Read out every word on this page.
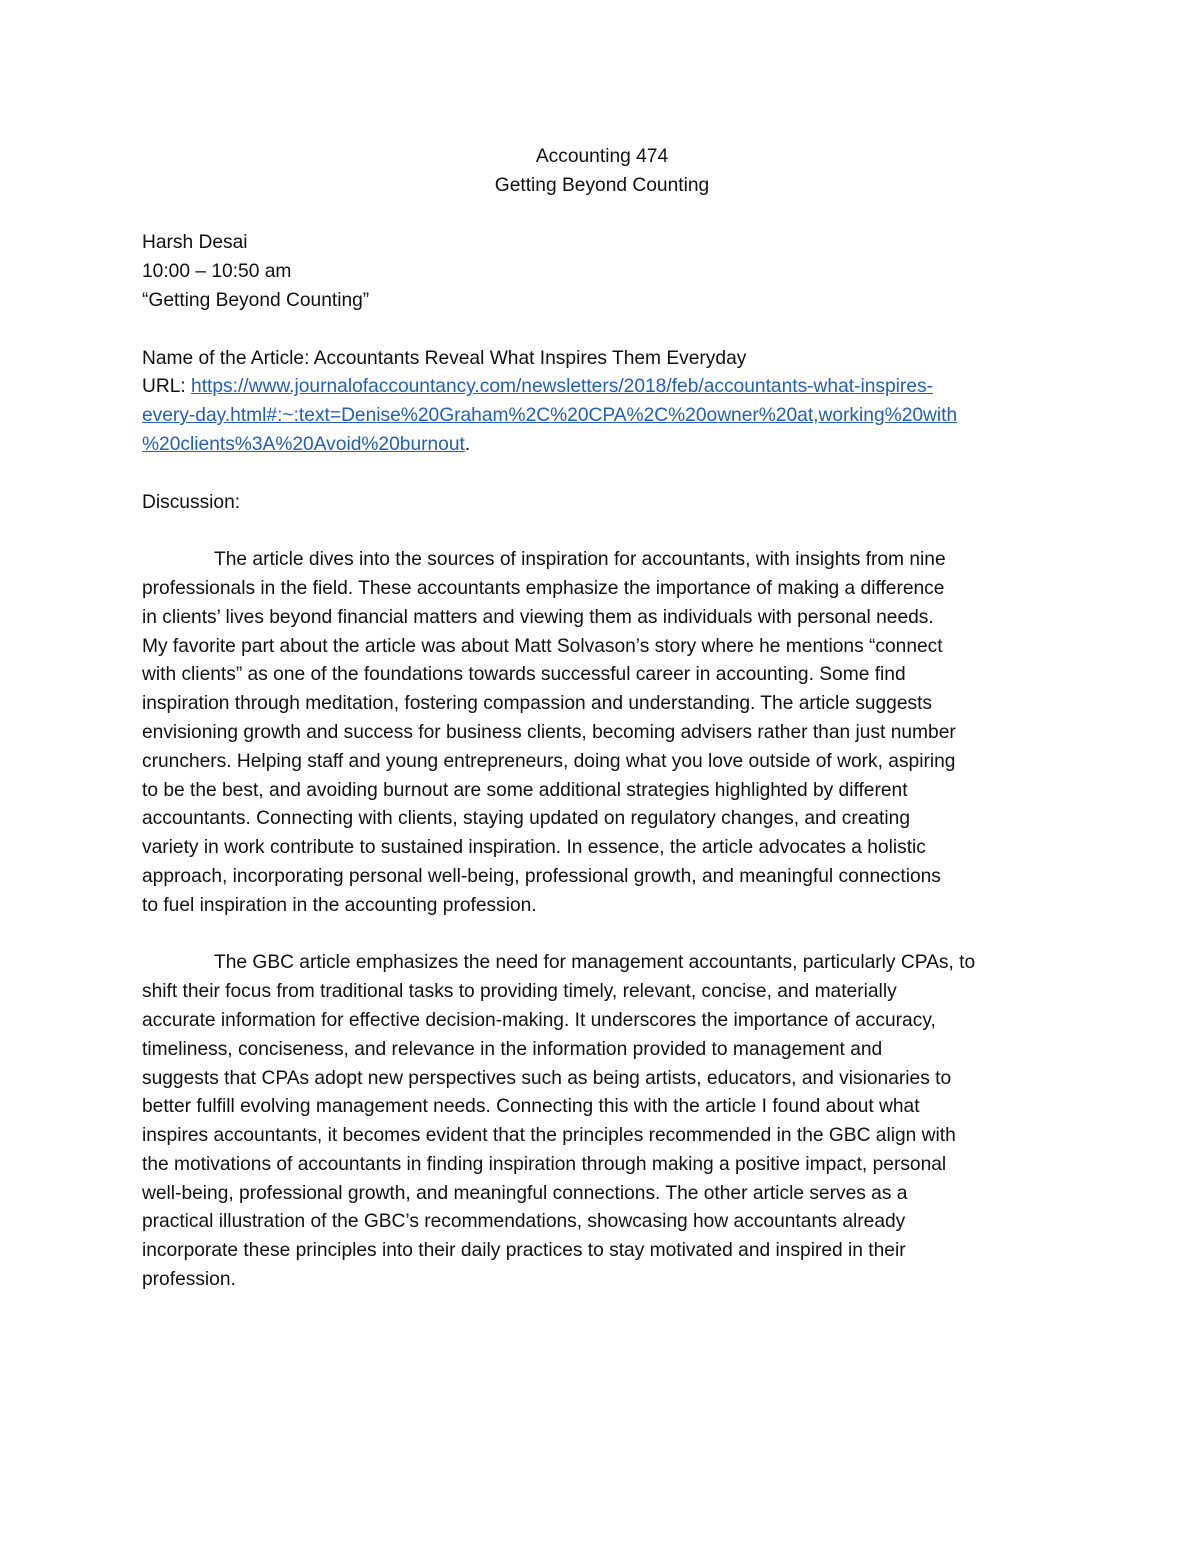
Accounting 474

Getting Beyond Counting

Harsh Desai

10:00 – 10:50 am

“Getting Beyond Counting”

Name of the Article: Accountants Reveal What Inspires Them Everyday

URL: https://www.journalofaccountancy.com/newsletters/2018/feb/accountants-what-inspires-

every-day.html#:~:text=Denise%20Graham%2C%20CPA%2C%20owner%20at,working%20with

%20clients%3A%20Avoid%20burnout.

Discussion:

The article dives into the sources of inspiration for accountants, with insights from nine

professionals in the field. These accountants emphasize the importance of making a difference

in clients’ lives beyond financial matters and viewing them as individuals with personal needs.

My favorite part about the article was about Matt Solvason’s story where he mentions “connect

with clients” as one of the foundations towards successful career in accounting. Some find

inspiration through meditation, fostering compassion and understanding. The article suggests

envisioning growth and success for business clients, becoming advisers rather than just number

crunchers. Helping staff and young entrepreneurs, doing what you love outside of work, aspiring

to be the best, and avoiding burnout are some additional strategies highlighted by different

accountants. Connecting with clients, staying updated on regulatory changes, and creating

variety in work contribute to sustained inspiration. In essence, the article advocates a holistic

approach, incorporating personal well-being, professional growth, and meaningful connections

to fuel inspiration in the accounting profession.

The GBC article emphasizes the need for management accountants, particularly CPAs, to

shift their focus from traditional tasks to providing timely, relevant, concise, and materially

accurate information for effective decision-making. It underscores the importance of accuracy,

timeliness, conciseness, and relevance in the information provided to management and

suggests that CPAs adopt new perspectives such as being artists, educators, and visionaries to

better fulfill evolving management needs. Connecting this with the article I found about what

inspires accountants, it becomes evident that the principles recommended in the GBC align with

the motivations of accountants in finding inspiration through making a positive impact, personal

well-being, professional growth, and meaningful connections. The other article serves as a

practical illustration of the GBC’s recommendations, showcasing how accountants already

incorporate these principles into their daily practices to stay motivated and inspired in their

profession.
